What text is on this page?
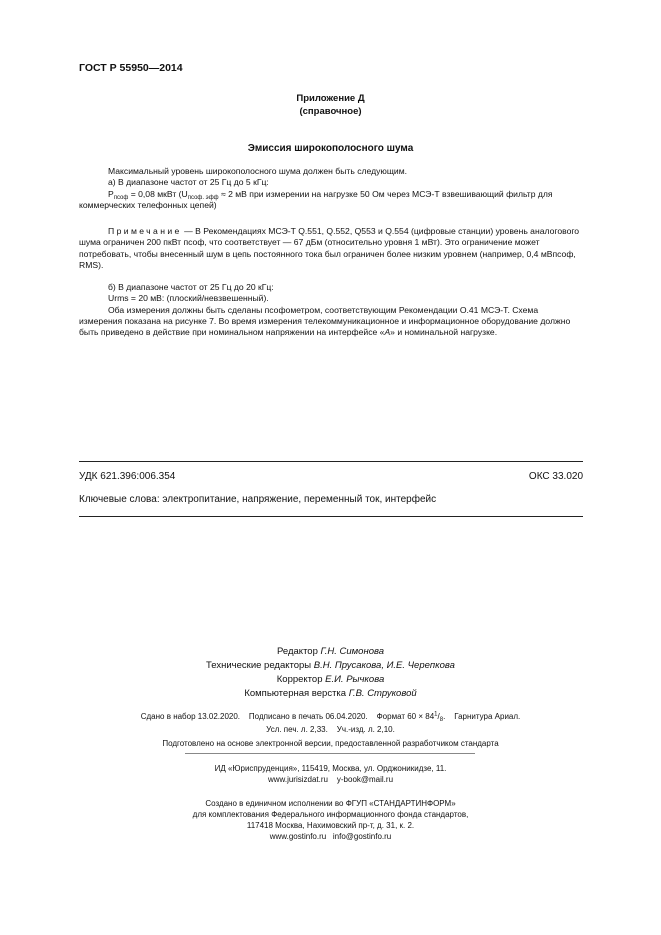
ГОСТ Р 55950—2014
Приложение Д
(справочное)
Эмиссия широкополосного шума

Максимальный уровень широкополосного шума должен быть следующим.

а) В диапазоне частот от 25 Гц до 5 кГц:

$P_{псоф} = 0,08$ мкВт ($U_{псоф. эфф} \approx 2$ мВ при измерении на нагрузке 50 Ом через МСЭ-Т взвешивающий фильтр для коммерческих телефонных цепей)

Примечание — В Рекомендациях МСЭ-Т Q.551, Q.552, Q553 и Q.554 (цифровые станции) уровень аналогового шума ограничен 200 пкВт псоф, что соответствует — 67 дБм (относительно уровня 1 мВт). Это ограничение может потребовать, чтобы внесенный шум в цепь постоянного тока был ограничен более низким уровнем (например, 0,4 мВпсоф, RMS).

б) В диапазоне частот от 25 Гц до 20 кГц:

Urms = 20 мВ: (плоский/невзвешенный).

Оба измерения должны быть сделаны псофометром, соответствующим Рекомендации О.41 МСЭ-Т. Схема измерения показана на рисунке 7. Во время измерения телекоммуникационное и информационное оборудование должно быть приведено в действие при номинальном напряжении на интерфейсе «A» и номинальной нагрузке.

УДК 621.396:006.354	ОКС 33.020
Ключевые слова: электропитание, напряжение, переменный ток, интерфейс
Редактор Г.Н. Симонова
Технические редакторы В.Н. Прусакова, И.Е. Черепкова
Корректор Е.И. Рычкова
Компьютерная верстка Г.В. Струковой
Сдано в набор 13.02.2020. Подписано в печать 06.04.2020. Формат $60 \times 84^1/_8$. Гарнитура Ариал.
Усл. печ. л. 2,33. Уч.-изд. л. 2,10.
Подготовлено на основе электронной версии, предоставленной разработчиком стандарта
ИД «Юриспруденция», 115419, Москва, ул. Орджоникидзе, 11.
www.jurisizdat.ru y-book@mail.ru
Создано в единичном исполнении во ФГУП «СТАНДАРТИНФОРМ»
для комплектования Федерального информационного фонда стандартов,
117418 Москва, Нахимовский пр-т, д. 31, к. 2.
www.gostinfo.ru info@gostinfo.ru
